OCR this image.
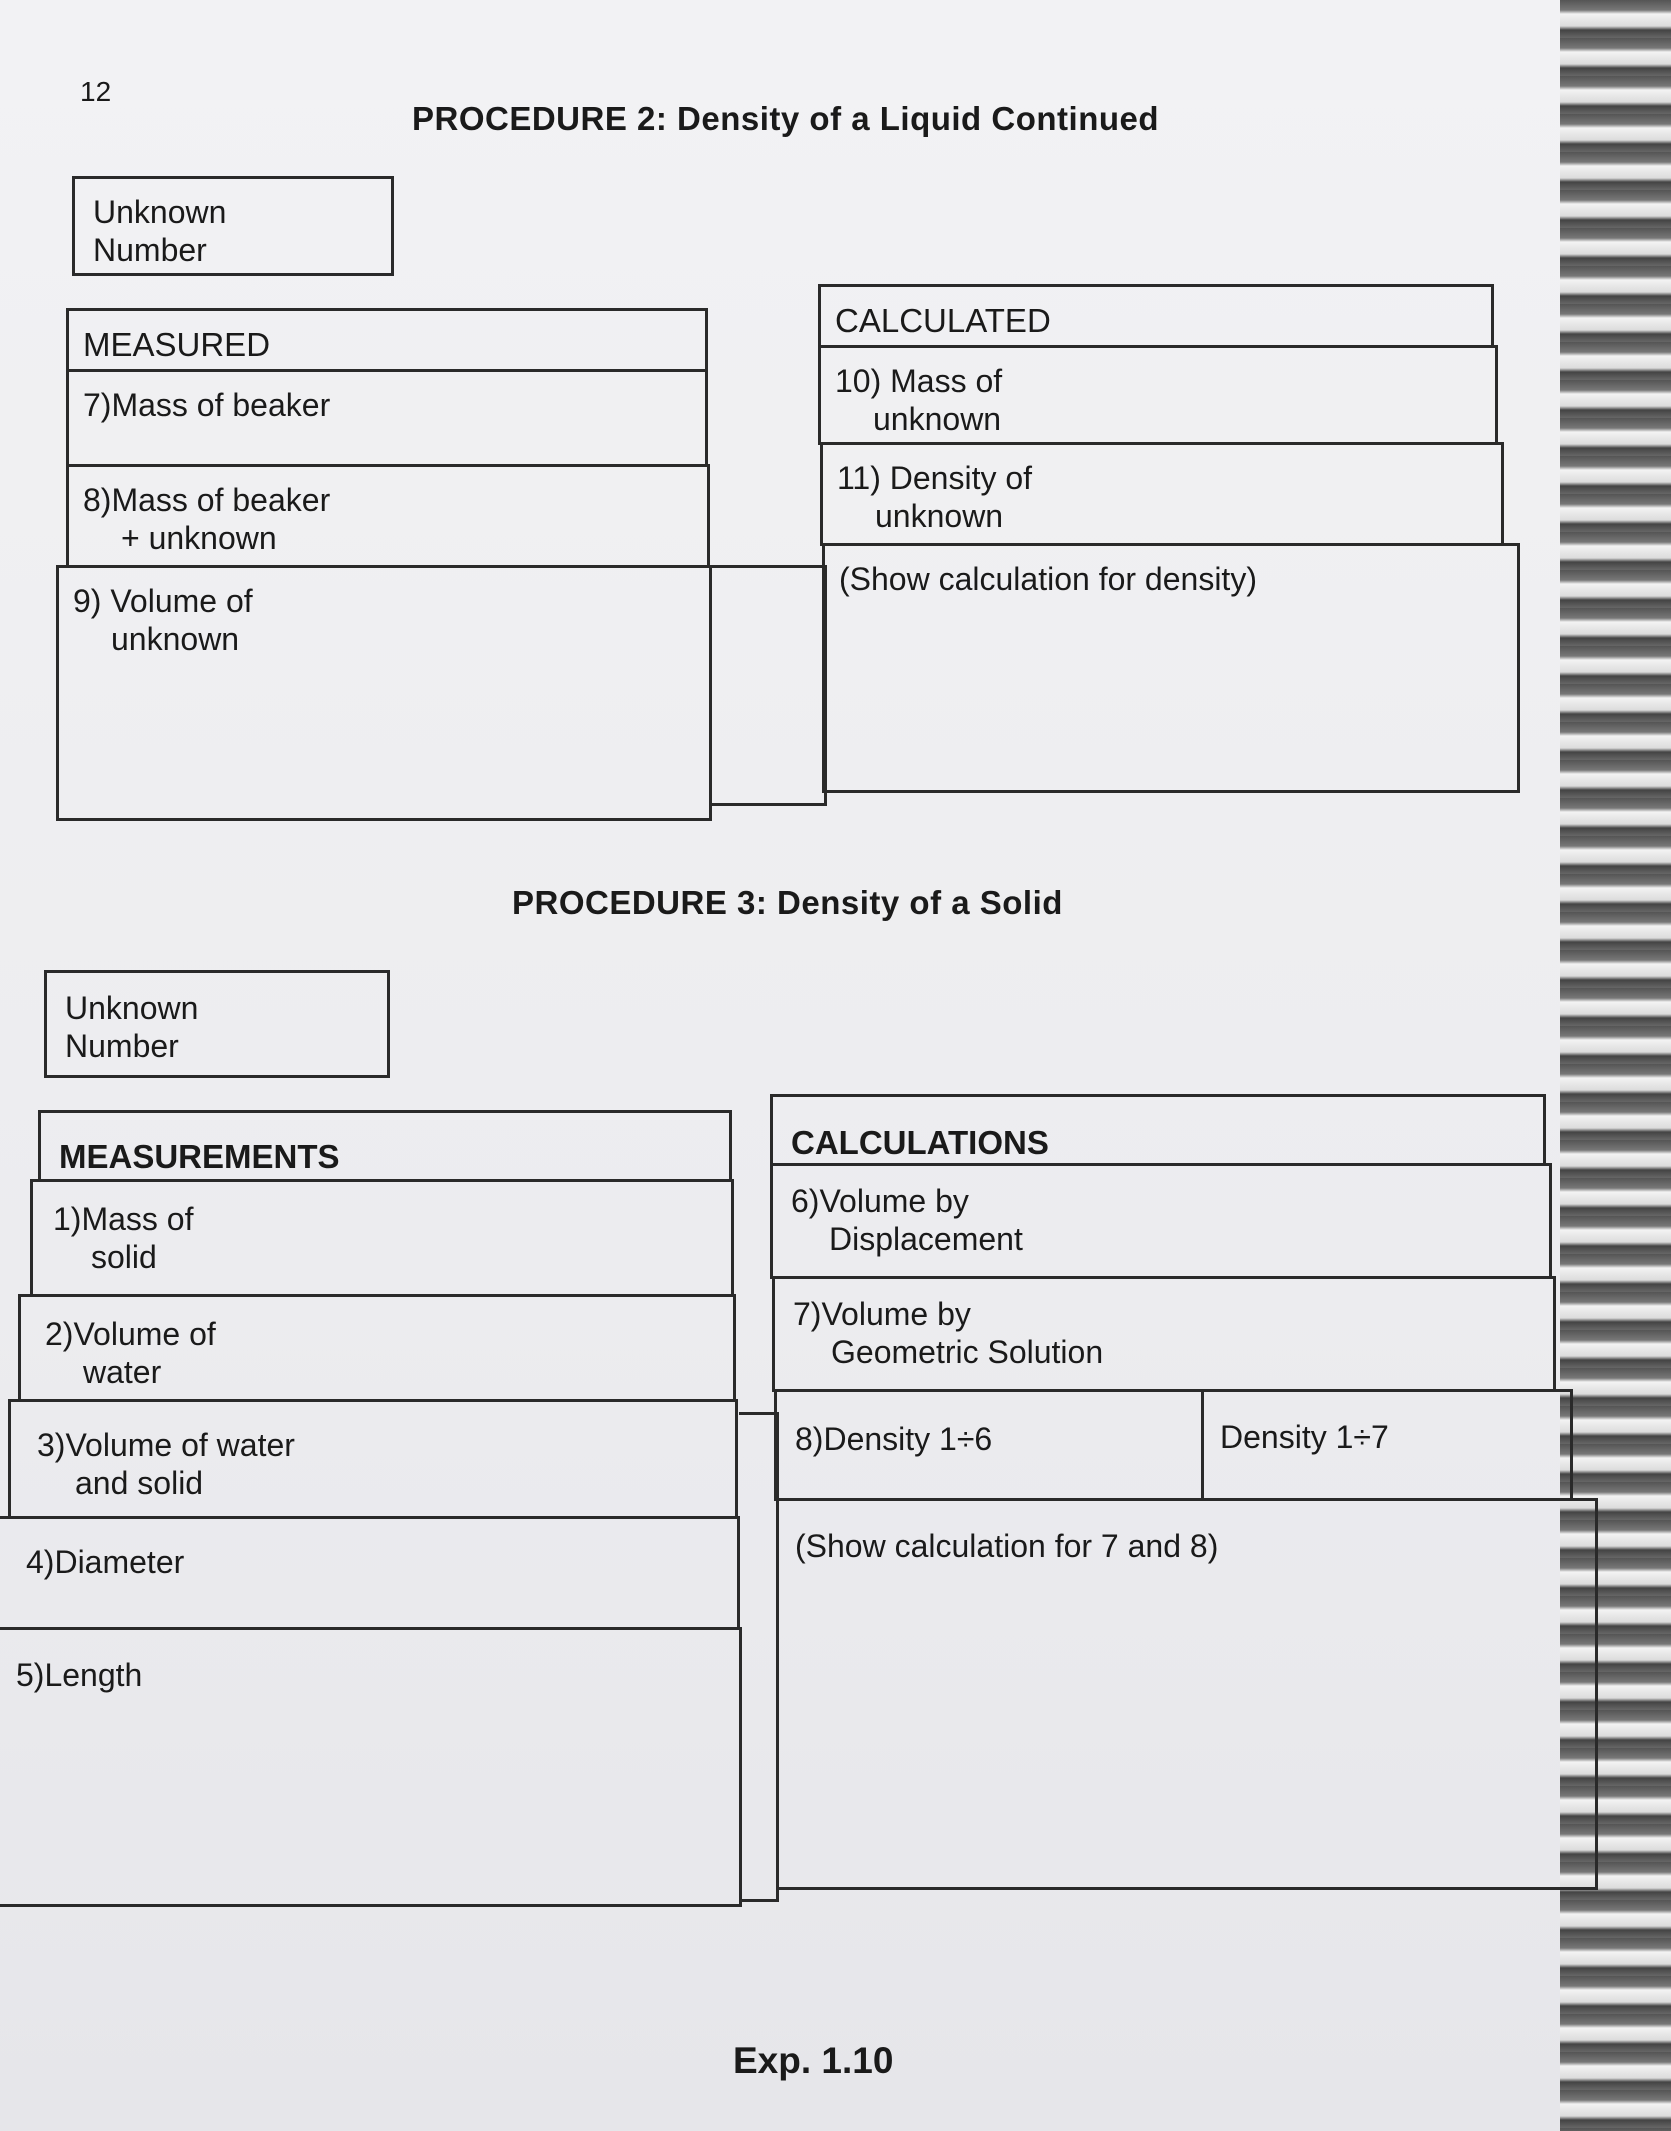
12
PROCEDURE 2: Density of a Liquid Continued
Unknown
Number
MEASURED
7)Mass of beaker
8)Mass of beaker
+ unknown
9) Volume of
unknown
CALCULATED
10) Mass of
unknown
11) Density of
unknown
(Show calculation for density)
PROCEDURE 3: Density of a Solid
Unknown
Number
MEASUREMENTS
1)Mass of
solid
2)Volume of
water
3)Volume of water
and solid
4)Diameter
5)Length
CALCULATIONS
6)Volume by
Displacement
7)Volume by
Geometric Solution
8)Density 1÷6	Density 1÷7
(Show calculation for 7 and 8)
Exp. 1.10
